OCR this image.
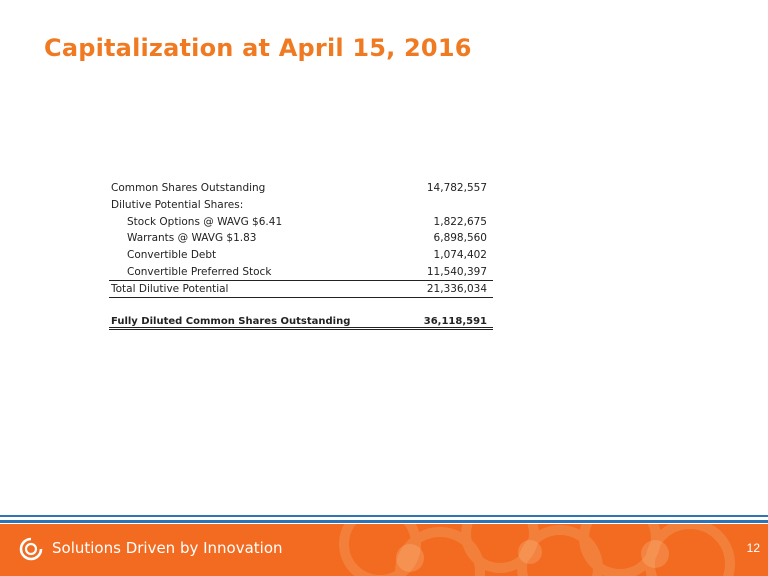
Capitalization at April 15, 2016
Common Shares Outstanding	14,782,557
Dilutive Potential Shares:
Stock Options @ WAVG $6.41	1,822,675
Warrants @ WAVG $1.83	6,898,560
Convertible Debt	1,074,402
Convertible Preferred Stock	11,540,397
Total Dilutive Potential	21,336,034
Fully Diluted Common Shares Outstanding	36,118,591
Solutions Driven by Innovation	12
